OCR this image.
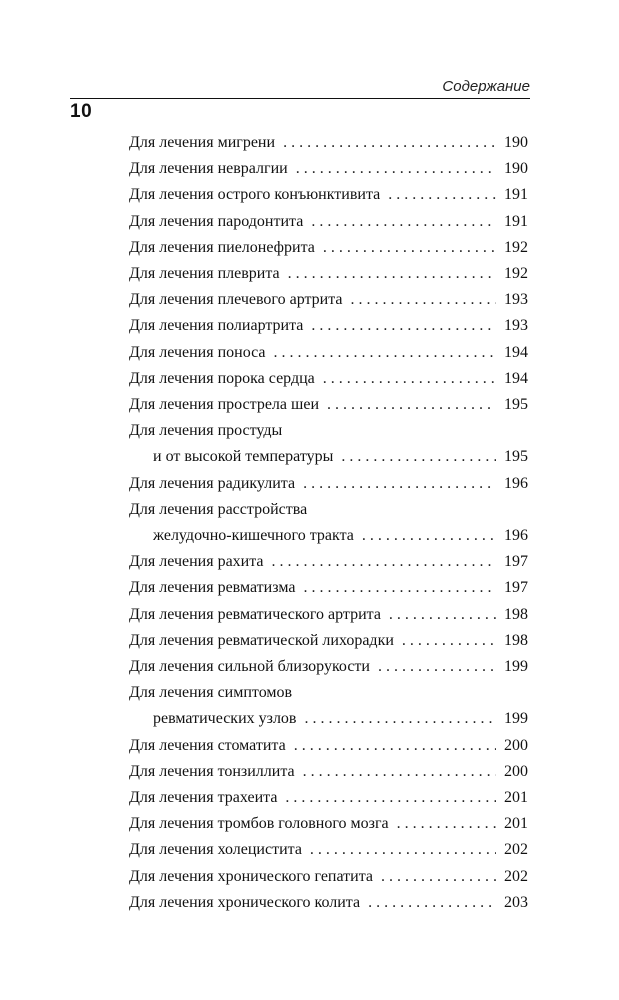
Содержание
10
Для лечения мигрени . . .	190
Для лечения невралгии . . .	190
Для лечения острого конъюнктивита . . .	191
Для лечения пародонтита . . .	191
Для лечения пиелонефрита . . .	192
Для лечения плеврита . . .	192
Для лечения плечевого артрита . . .	193
Для лечения полиартрита . . .	193
Для лечения поноса . . .	194
Для лечения порока сердца . . .	194
Для лечения прострела шеи . . .	195
Для лечения простуды
и от высокой температуры . . .	195
Для лечения радикулита . . .	196
Для лечения расстройства
желудочно-кишечного тракта . . .	196
Для лечения рахита . . .	197
Для лечения ревматизма . . .	197
Для лечения ревматического артрита . . .	198
Для лечения ревматической лихорадки . . .	198
Для лечения сильной близорукости . . .	199
Для лечения симптомов
ревматических узлов . . .	199
Для лечения стоматита . . .	200
Для лечения тонзиллита . . .	200
Для лечения трахеита . . .	201
Для лечения тромбов головного мозга . . .	201
Для лечения холецистита . . .	202
Для лечения хронического гепатита . . .	202
Для лечения хронического колита . . .	203
